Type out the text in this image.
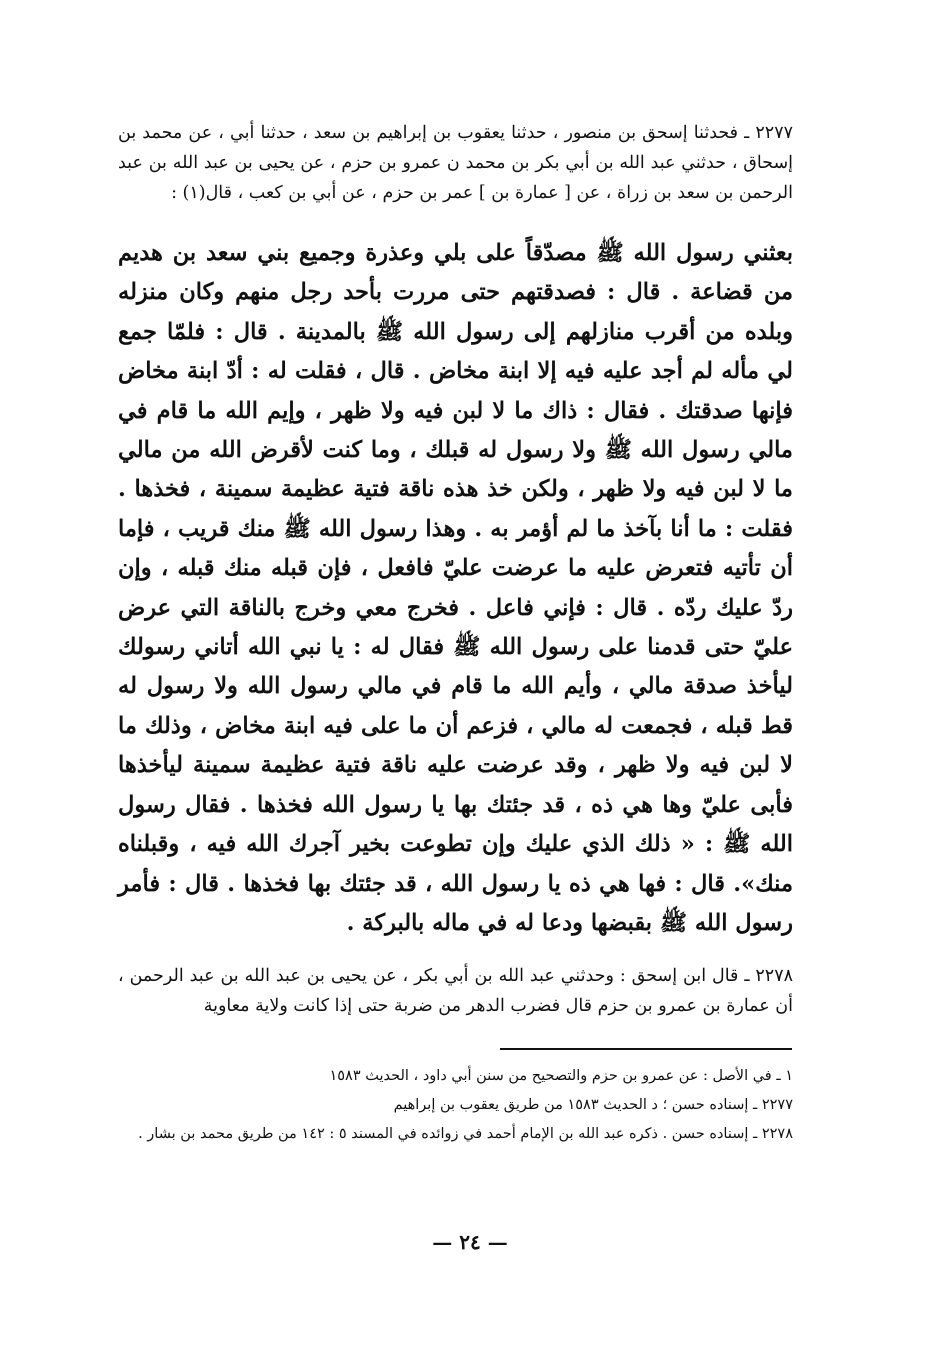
٢٢٧٧ ـ فحدثنا إسحق بن منصور ، حدثنا يعقوب بن إبراهيم بن سعد ، حدثنا أبي ، عن محمد بن إسحاق ، حدثني عبد الله بن أبي بكر بن محمد ن عمرو بن حزم ، عن يحيى بن عبد الله بن عبد الرحمن بن سعد بن زراة ، عن [ عمارة بن ] عمر بن حزم ، عن أبي بن كعب ، قال(١) :

بعثني رسول الله ﷺ مصدّقاً على بلي وعذرة وجميع بني سعد بن هديم من قضاعة . قال : فصدقتهم حتى مررت بأحد رجل منهم وكان منزله وبلده من أقرب منازلهم إلى رسول الله ﷺ بالمدينة . قال : فلمّا جمع لي مأله لم أجد عليه فيه إلا ابنة مخاض . قال ، فقلت له : أدّ ابنة مخاض فإنها صدقتك . فقال : ذاك ما لا لبن فيه ولا ظهر ، وإيم الله ما قام في مالي رسول الله ﷺ ولا رسول له قبلك ، وما كنت لأقرض الله من مالي ما لا لبن فيه ولا ظهر ، ولكن خذ هذه ناقة فتية عظيمة سمينة ، فخذها . فقلت : ما أنا بآخذ ما لم أؤمر به . وهذا رسول الله ﷺ منك قريب ، فإما أن تأتيه فتعرض عليه ما عرضت عليّ فافعل ، فإن قبله منك قبله ، وإن ردّ عليك ردّه . قال : فإني فاعل . فخرج معي وخرج بالناقة التي عرض عليّ حتى قدمنا على رسول الله ﷺ فقال له : يا نبي الله أتاني رسولك ليأخذ صدقة مالي ، وأيم الله ما قام في مالي رسول الله ولا رسول له قط قبله ، فجمعت له مالي ، فزعم أن ما على فيه ابنة مخاض ، وذلك ما لا لبن فيه ولا ظهر ، وقد عرضت عليه ناقة فتية عظيمة سمينة ليأخذها فأبى عليّ وها هي ذه ، قد جئتك بها يا رسول الله فخذها . فقال رسول الله ﷺ : « ذلك الذي عليك وإن تطوعت بخير آجرك الله فيه ، وقبلناه منك». قال : فها هي ذه يا رسول الله ، قد جئتك بها فخذها . قال : فأمر رسول الله ﷺ بقبضها ودعا له في ماله بالبركة .

٢٢٧٨ ـ قال ابن إسحق : وحدثني عبد الله بن أبي بكر ، عن يحيى بن عبد الله بن عبد الرحمن ، أن عمارة بن عمرو بن حزم قال فضرب الدهر من ضربة حتى إذا كانت ولاية معاوية

١ ـ في الأصل : عن عمرو بن حزم والتصحيح من سنن أبي داود ، الحديث ١٥٨٣

٢٢٧٧ ـ إسناده حسن ؛ د الحديث ١٥٨٣ من طريق يعقوب بن إبراهيم

٢٢٧٨ ـ إسناده حسن . ذكره عبد الله بن الإمام أحمد في زوائده في المسند ٥ : ١٤٢ من طريق محمد بن بشار .

— ٢٤ —
